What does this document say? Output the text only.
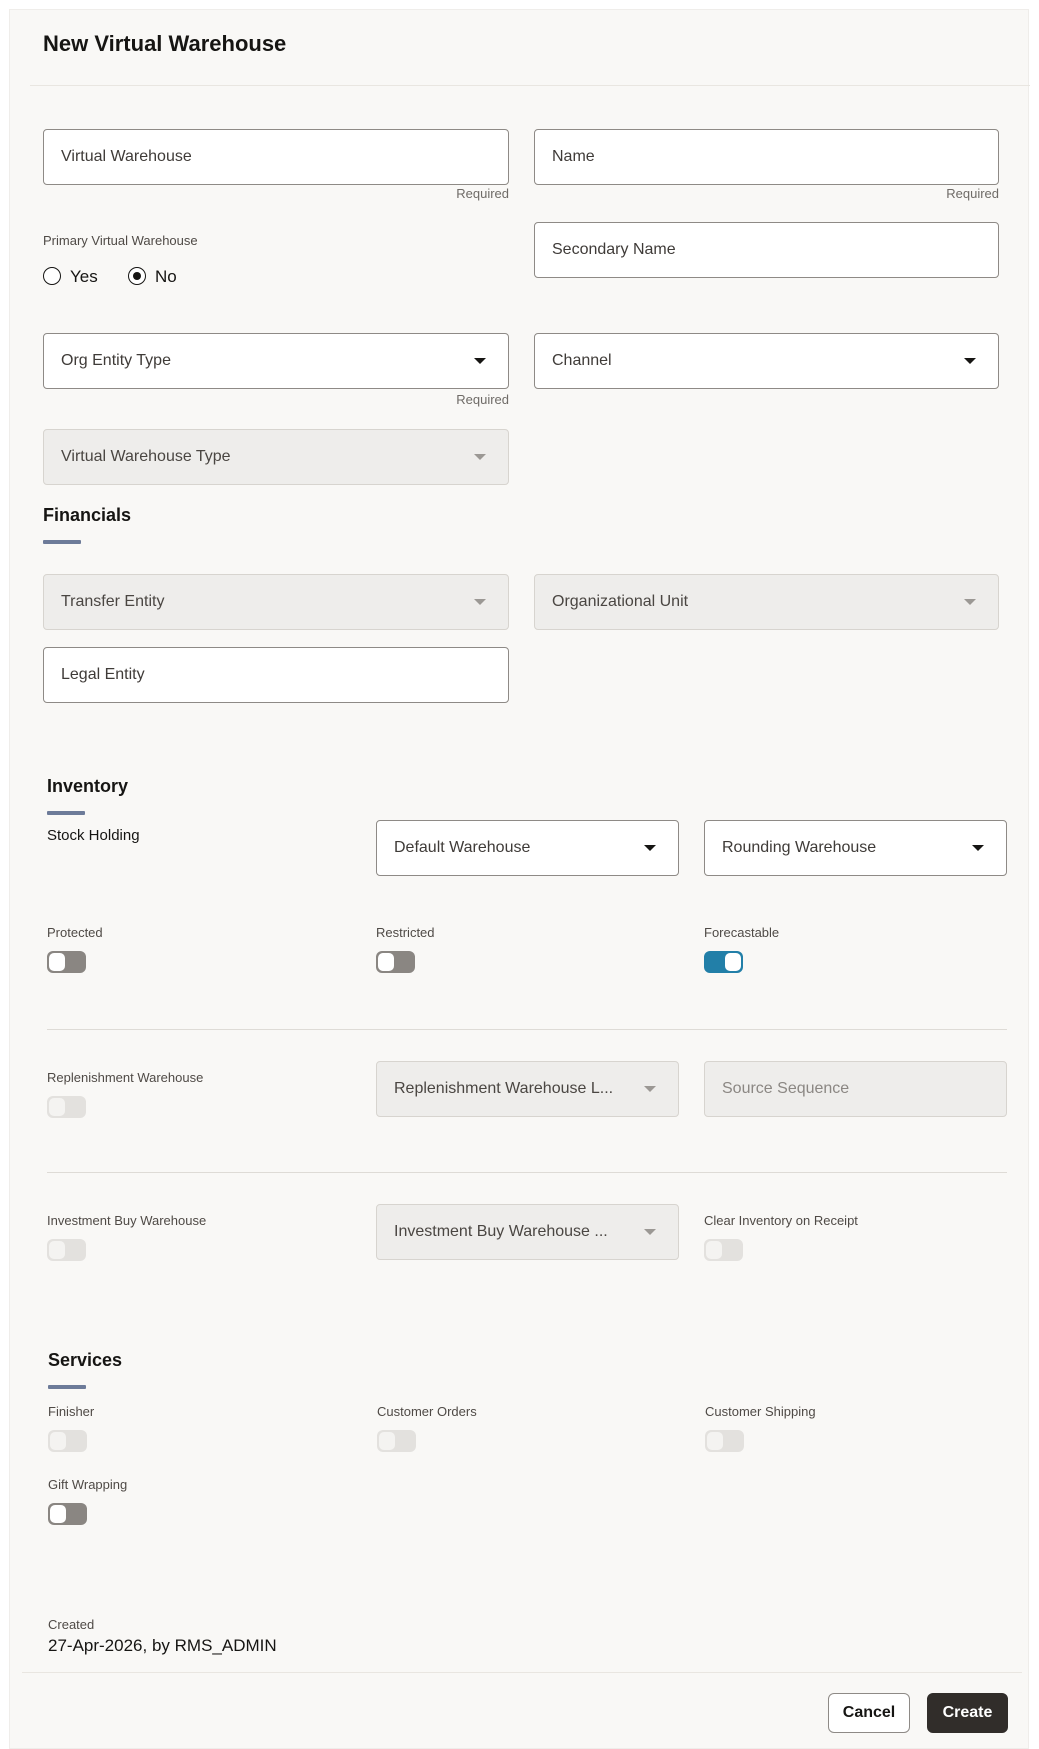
New Virtual Warehouse
Virtual Warehouse
Required
Name
Required
Primary Virtual Warehouse
Yes	No
Secondary Name
Org Entity Type
Required
Channel
Virtual Warehouse Type
Financials
Transfer Entity	Organizational Unit
Legal Entity
Inventory
Stock Holding
Default Warehouse	Rounding Warehouse
Protected	Restricted	Forecastable
Replenishment Warehouse
Replenishment Warehouse L...	Source Sequence
Investment Buy Warehouse
Investment Buy Warehouse ...
Clear Inventory on Receipt
Services
Finisher	Customer Orders	Customer Shipping
Gift Wrapping
Created
27-Apr-2026, by RMS_ADMIN
Cancel	Create
